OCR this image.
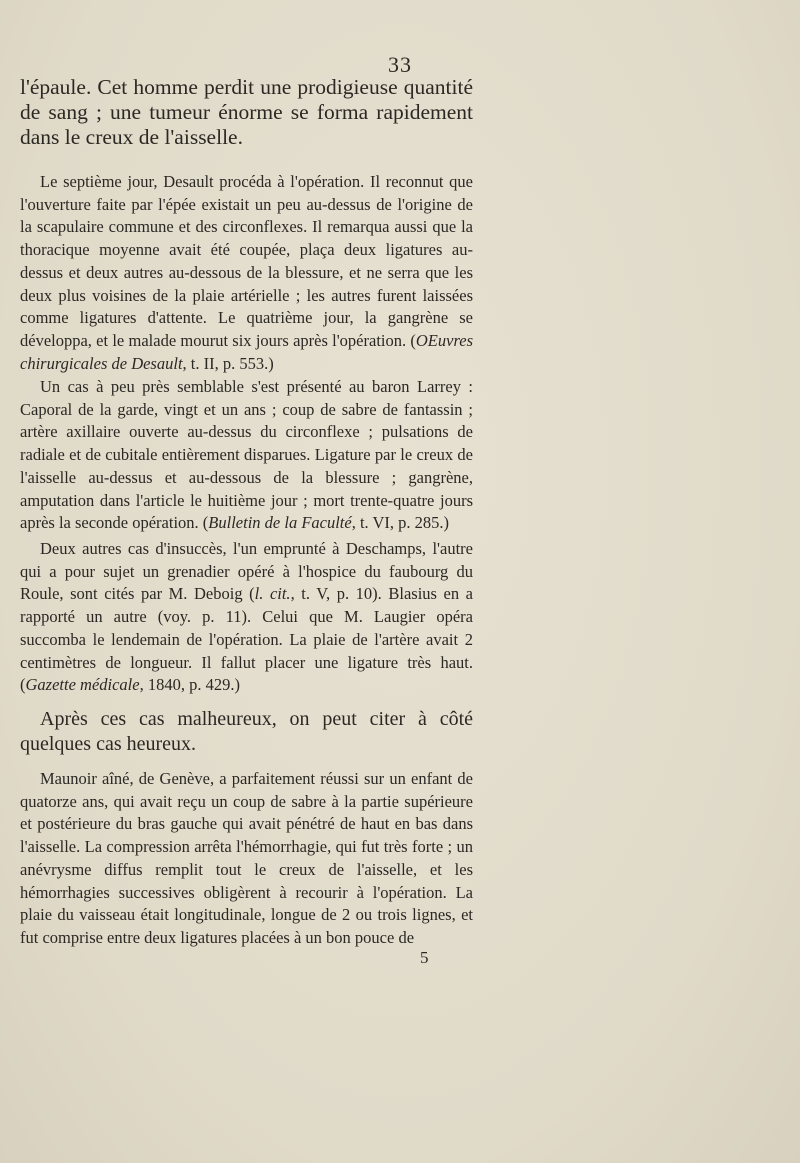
33
l'épaule. Cet homme perdit une prodigieuse quantité de sang ; une tumeur énorme se forma rapidement dans le creux de l'aisselle.
Le septième jour, Desault procéda à l'opération. Il reconnut que l'ouverture faite par l'épée existait un peu au-dessus de l'origine de la scapulaire commune et des circonflexes. Il remarqua aussi que la thoracique moyenne avait été coupée, plaça deux ligatures au-dessus et deux autres au-dessous de la blessure, et ne serra que les deux plus voisines de la plaie artérielle ; les autres furent laissées comme ligatures d'attente. Le quatrième jour, la gangrène se développa, et le malade mourut six jours après l'opération. (OEuvres chirurgicales de Desault, t. II, p. 553.)
Un cas à peu près semblable s'est présenté au baron Larrey : Caporal de la garde, vingt et un ans ; coup de sabre de fantassin ; artère axillaire ouverte au-dessus du circonflexe ; pulsations de radiale et de cubitale entièrement disparues. Ligature par le creux de l'aisselle au-dessus et au-dessous de la blessure ; gangrène, amputation dans l'article le huitième jour ; mort trente-quatre jours après la seconde opération. (Bulletin de la Faculté, t. VI, p. 285.)
Deux autres cas d'insuccès, l'un emprunté à Deschamps, l'autre qui a pour sujet un grenadier opéré à l'hospice du faubourg du Roule, sont cités par M. Deboig (l. cit., t. V, p. 10). Blasius en a rapporté un autre (voy. p. 11). Celui que M. Laugier opéra succomba le lendemain de l'opération. La plaie de l'artère avait 2 centimètres de longueur. Il fallut placer une ligature très haut. (Gazette médicale, 1840, p. 429.)
Après ces cas malheureux, on peut citer à côté quelques cas heureux.
Maunoir aîné, de Genève, a parfaitement réussi sur un enfant de quatorze ans, qui avait reçu un coup de sabre à la partie supérieure et postérieure du bras gauche qui avait pénétré de haut en bas dans l'aisselle. La compression arrêta l'hémorrhagie, qui fut très forte ; un anévrysme diffus remplit tout le creux de l'aisselle, et les hémorrhagies successives obligèrent à recourir à l'opération. La plaie du vaisseau était longitudinale, longue de 2 ou trois lignes, et fut comprise entre deux ligatures placées à un bon pouce de
5
